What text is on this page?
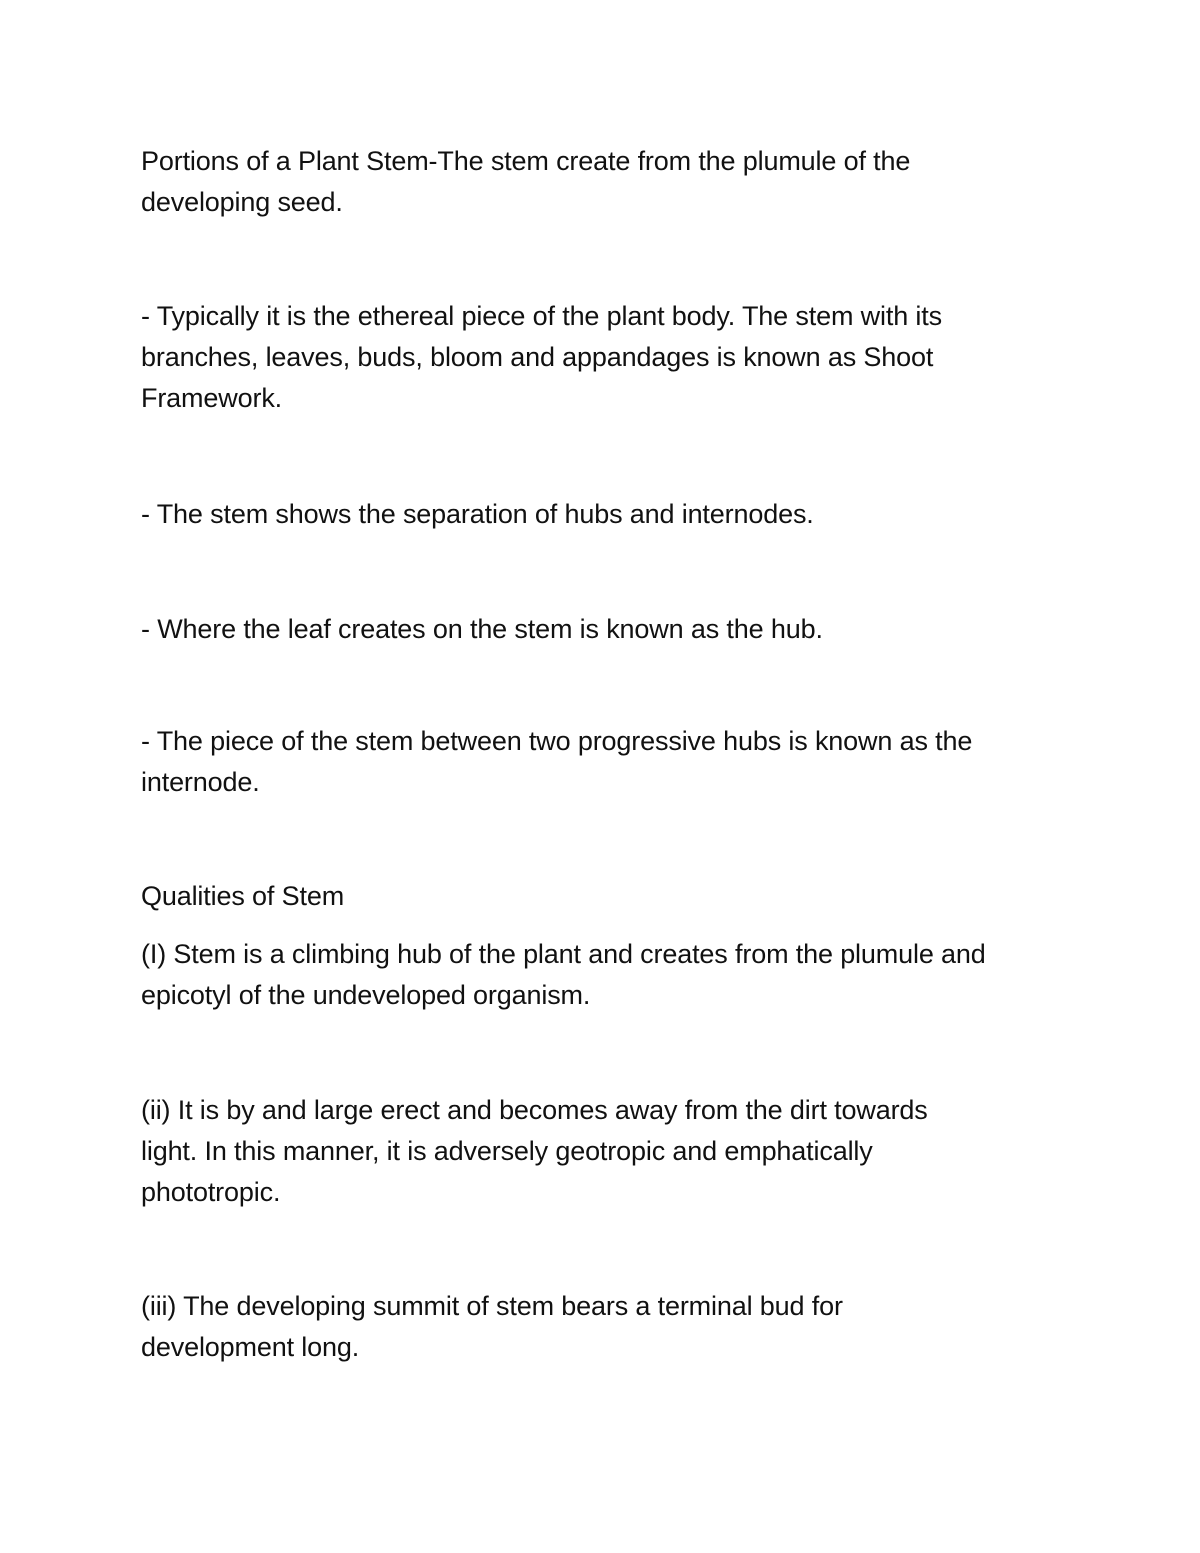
Portions of a Plant Stem-The stem create from the plumule of the
developing seed.

- Typically it is the ethereal piece of the plant body. The stem with its
branches, leaves, buds, bloom and appandages is known as Shoot
Framework.

- The stem shows the separation of hubs and internodes.

- Where the leaf creates on the stem is known as the hub.

- The piece of the stem between two progressive hubs is known as the
internode.

Qualities of Stem

(I) Stem is a climbing hub of the plant and creates from the plumule and
epicotyl of the undeveloped organism.

(ii) It is by and large erect and becomes away from the dirt towards
light. In this manner, it is adversely geotropic and emphatically
phototropic.

(iii) The developing summit of stem bears a terminal bud for
development long.
